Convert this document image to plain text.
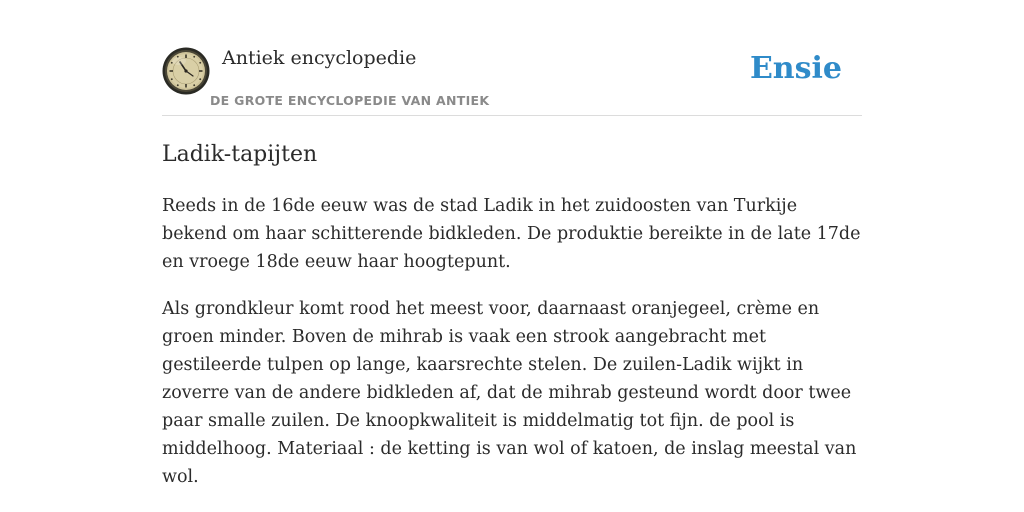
Antiek encyclopedie
DE GROTE ENCYCLOPEDIE VAN ANTIEK
Ensie
Ladik-tapijten

Reeds in de 16de eeuw was de stad Ladik in het zuidoosten van Turkije bekend om haar schitterende bidkleden. De produktie bereikte in de late 17de en vroege 18de eeuw haar hoogtepunt.

Als grondkleur komt rood het meest voor, daarnaast oranjegeel, crème en groen minder. Boven de mihrab is vaak een strook aangebracht met gestileerde tulpen op lange, kaarsrechte stelen. De zuilen-Ladik wijkt in zoverre van de andere bidkleden af, dat de mihrab gesteund wordt door twee paar smalle zuilen. De knoopkwaliteit is middelmatig tot fijn. de pool is middelhoog. Materiaal : de ketting is van wol of katoen, de inslag meestal van wol.
